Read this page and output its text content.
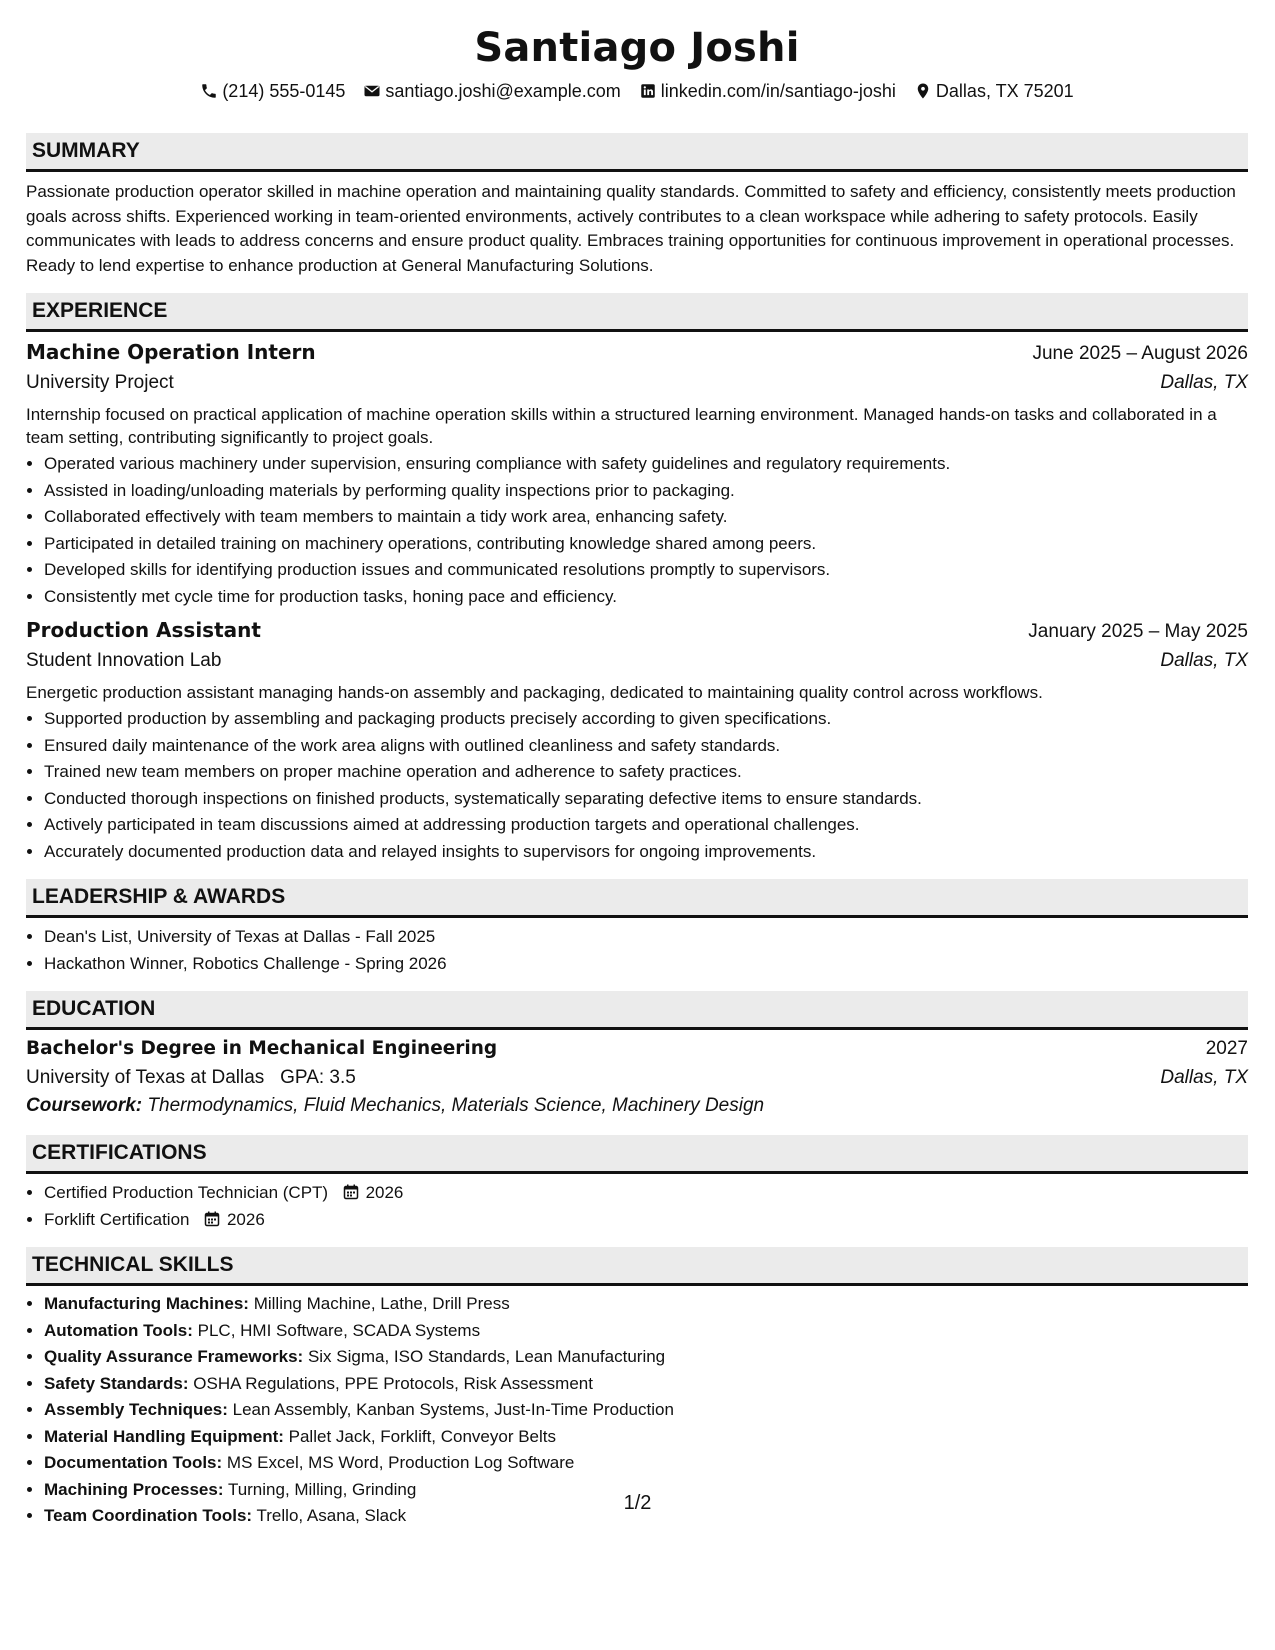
Santiago Joshi
(214) 555-0145 santiago.joshi@example.com linkedin.com/in/santiago-joshi Dallas, TX 75201
SUMMARY

Passionate production operator skilled in machine operation and maintaining quality standards. Committed to safety and efficiency, consistently meets production goals across shifts. Experienced working in team-oriented environments, actively contributes to a clean workspace while adhering to safety protocols. Easily communicates with leads to address concerns and ensure product quality. Embraces training opportunities for continuous improvement in operational processes. Ready to lend expertise to enhance production at General Manufacturing Solutions.

EXPERIENCE
Machine Operation Intern	June 2025 – August 2026
University Project	Dallas, TX

Internship focused on practical application of machine operation skills within a structured learning environment. Managed hands-on tasks and collaborated in a team setting, contributing significantly to project goals.

• Operated various machinery under supervision, ensuring compliance with safety guidelines and regulatory requirements.
• Assisted in loading/unloading materials by performing quality inspections prior to packaging.
• Collaborated effectively with team members to maintain a tidy work area, enhancing safety.
• Participated in detailed training on machinery operations, contributing knowledge shared among peers.
• Developed skills for identifying production issues and communicated resolutions promptly to supervisors.
• Consistently met cycle time for production tasks, honing pace and efficiency.
Production Assistant	January 2025 – May 2025
Student Innovation Lab	Dallas, TX

Energetic production assistant managing hands-on assembly and packaging, dedicated to maintaining quality control across workflows.

• Supported production by assembling and packaging products precisely according to given specifications.
• Ensured daily maintenance of the work area aligns with outlined cleanliness and safety standards.
• Trained new team members on proper machine operation and adherence to safety practices.
• Conducted thorough inspections on finished products, systematically separating defective items to ensure standards.
• Actively participated in team discussions aimed at addressing production targets and operational challenges.
• Accurately documented production data and relayed insights to supervisors for ongoing improvements.
LEADERSHIP & AWARDS
• Dean's List, University of Texas at Dallas - Fall 2025
• Hackathon Winner, Robotics Challenge - Spring 2026
EDUCATION
Bachelor's Degree in Mechanical Engineering	2027
University of Texas at Dallas GPA: 3.5	Dallas, TX
Coursework: Thermodynamics, Fluid Mechanics, Materials Science, Machinery Design
CERTIFICATIONS
• Certified Production Technician (CPT) 2026
• Forklift Certification 2026
TECHNICAL SKILLS
• Manufacturing Machines: Milling Machine, Lathe, Drill Press
• Automation Tools: PLC, HMI Software, SCADA Systems
• Quality Assurance Frameworks: Six Sigma, ISO Standards, Lean Manufacturing
• Safety Standards: OSHA Regulations, PPE Protocols, Risk Assessment
• Assembly Techniques: Lean Assembly, Kanban Systems, Just-In-Time Production
• Material Handling Equipment: Pallet Jack, Forklift, Conveyor Belts
• Documentation Tools: MS Excel, MS Word, Production Log Software
• Machining Processes: Turning, Milling, Grinding
• Team Coordination Tools: Trello, Asana, Slack
1/2
